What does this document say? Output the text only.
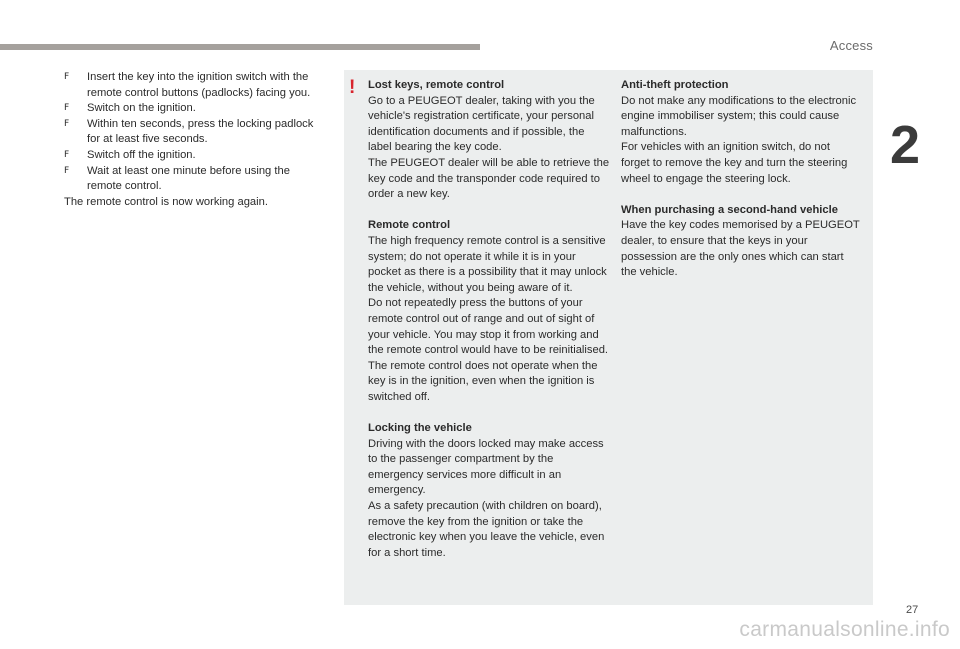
Access
2
F Insert the key into the ignition switch with the remote control buttons (padlocks) facing you.
F Switch on the ignition.
F Within ten seconds, press the locking padlock for at least five seconds.
F Switch off the ignition.
F Wait at least one minute before using the remote control.

The remote control is now working again.

! Lost keys, remote control

Go to a PEUGEOT dealer, taking with you the vehicle's registration certificate, your personal identification documents and if possible, the label bearing the key code.

The PEUGEOT dealer will be able to retrieve the key code and the transponder code required to order a new key.

Remote control

The high frequency remote control is a sensitive system; do not operate it while it is in your pocket as there is a possibility that it may unlock the vehicle, without you being aware of it.

Do not repeatedly press the buttons of your remote control out of range and out of sight of your vehicle. You may stop it from working and the remote control would have to be reinitialised.

The remote control does not operate when the key is in the ignition, even when the ignition is switched off.

Locking the vehicle

Driving with the doors locked may make access to the passenger compartment by the emergency services more difficult in an emergency.

As a safety precaution (with children on board), remove the key from the ignition or take the electronic key when you leave the vehicle, even for a short time.

Anti-theft protection

Do not make any modifications to the electronic engine immobiliser system; this could cause malfunctions.

For vehicles with an ignition switch, do not forget to remove the key and turn the steering wheel to engage the steering lock.

When purchasing a second-hand vehicle

Have the key codes memorised by a PEUGEOT dealer, to ensure that the keys in your possession are the only ones which can start the vehicle.

27
carmanualsonline.info
